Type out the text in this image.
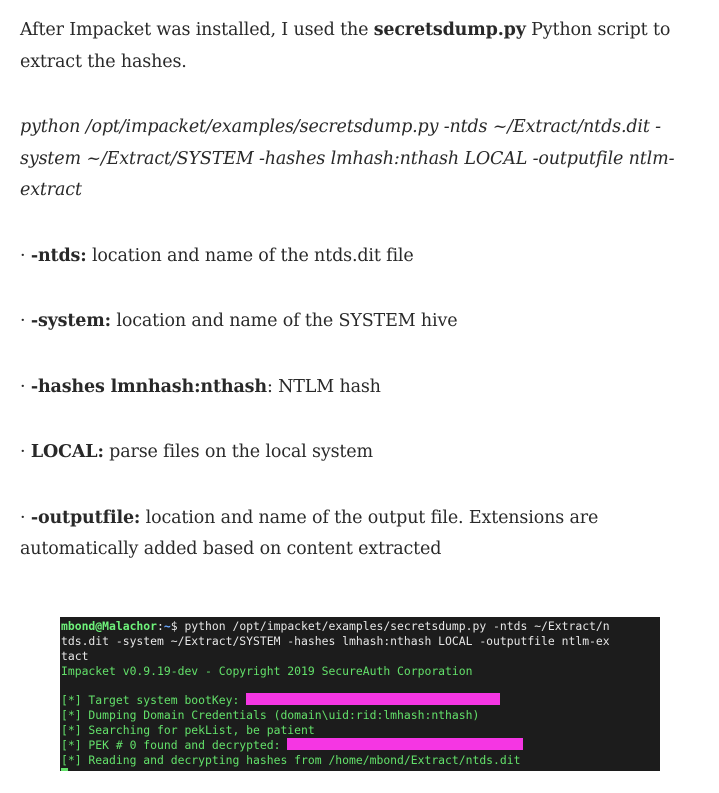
After Impacket was installed, I used the secretsdump.py Python script to extract the hashes.

python /opt/impacket/examples/secretsdump.py -ntds ~/Extract/ntds.dit -system ~/Extract/SYSTEM -hashes lmhash:nthash LOCAL -outputfile ntlm-extract

· -ntds: location and name of the ntds.dit file

· -system: location and name of the SYSTEM hive

· -hashes lmnhash:nthash: NTLM hash

· LOCAL: parse files on the local system

· -outputfile: location and name of the output file. Extensions are automatically added based on content extracted

mbond@Malachor:~$ python /opt/impacket/examples/secretsdump.py -ntds ~/Extract/n
tds.dit -system ~/Extract/SYSTEM -hashes lmhash:nthash LOCAL -outputfile ntlm-ex
tact
Impacket v0.9.19-dev - Copyright 2019 SecureAuth Corporation
[*] Target system bootKey:
[*] Dumping Domain Credentials (domain\uid:rid:lmhash:nthash)
[*] Searching for pekList, be patient
[*] PEK # 0 found and decrypted:
[*] Reading and decrypting hashes from /home/mbond/Extract/ntds.dit
